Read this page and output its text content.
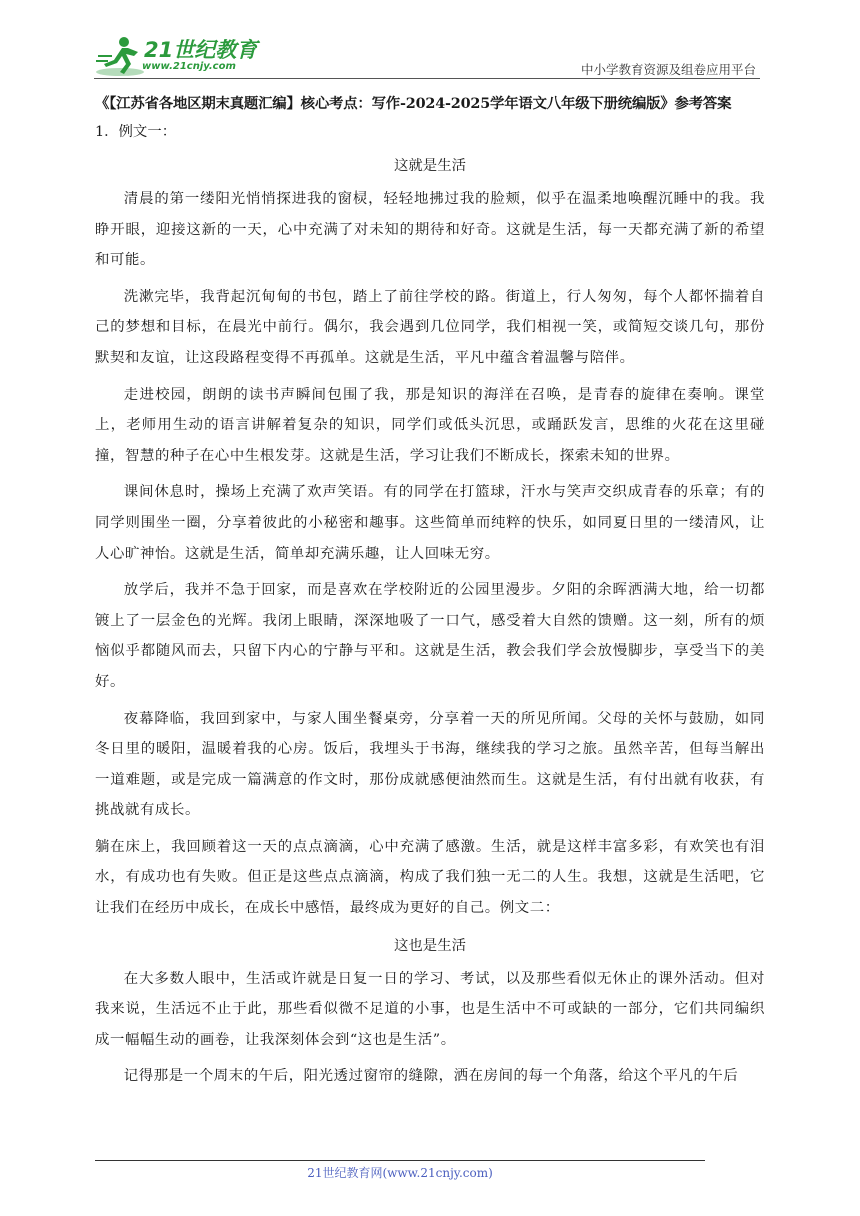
21世纪教育
www.21cnjy.com	中小学教育资源及组卷应用平台
《【江苏省各地区期末真题汇编】核心考点：写作-2024-2025学年语文八年级下册统编版》参考答案
1．例文一：
这就是生活

清晨的第一缕阳光悄悄探进我的窗棂，轻轻地拂过我的脸颊，似乎在温柔地唤醒沉睡中的我。我睁开眼，迎接这新的一天，心中充满了对未知的期待和好奇。这就是生活，每一天都充满了新的希望和可能。

洗漱完毕，我背起沉甸甸的书包，踏上了前往学校的路。街道上，行人匆匆，每个人都怀揣着自己的梦想和目标，在晨光中前行。偶尔，我会遇到几位同学，我们相视一笑，或简短交谈几句，那份默契和友谊，让这段路程变得不再孤单。这就是生活，平凡中蕴含着温馨与陪伴。

走进校园，朗朗的读书声瞬间包围了我，那是知识的海洋在召唤，是青春的旋律在奏响。课堂上，老师用生动的语言讲解着复杂的知识，同学们或低头沉思，或踊跃发言，思维的火花在这里碰撞，智慧的种子在心中生根发芽。这就是生活，学习让我们不断成长，探索未知的世界。

课间休息时，操场上充满了欢声笑语。有的同学在打篮球，汗水与笑声交织成青春的乐章；有的同学则围坐一圈，分享着彼此的小秘密和趣事。这些简单而纯粹的快乐，如同夏日里的一缕清风，让人心旷神怡。这就是生活，简单却充满乐趣，让人回味无穷。

放学后，我并不急于回家，而是喜欢在学校附近的公园里漫步。夕阳的余晖洒满大地，给一切都镀上了一层金色的光辉。我闭上眼睛，深深地吸了一口气，感受着大自然的馈赠。这一刻，所有的烦恼似乎都随风而去，只留下内心的宁静与平和。这就是生活，教会我们学会放慢脚步，享受当下的美好。

夜幕降临，我回到家中，与家人围坐餐桌旁，分享着一天的所见所闻。父母的关怀与鼓励，如同冬日里的暖阳，温暖着我的心房。饭后，我埋头于书海，继续我的学习之旅。虽然辛苦，但每当解出一道难题，或是完成一篇满意的作文时，那份成就感便油然而生。这就是生活，有付出就有收获，有挑战就有成长。

躺在床上，我回顾着这一天的点点滴滴，心中充满了感激。生活，就是这样丰富多彩，有欢笑也有泪水，有成功也有失败。但正是这些点点滴滴，构成了我们独一无二的人生。我想，这就是生活吧，它让我们在经历中成长，在成长中感悟，最终成为更好的自己。例文二：

这也是生活

在大多数人眼中，生活或许就是日复一日的学习、考试，以及那些看似无休止的课外活动。但对我来说，生活远不止于此，那些看似微不足道的小事，也是生活中不可或缺的一部分，它们共同编织成一幅幅生动的画卷，让我深刻体会到“这也是生活”。

记得那是一个周末的午后，阳光透过窗帘的缝隙，洒在房间的每一个角落，给这个平凡的午后

21世纪教育网(www.21cnjy.com)
